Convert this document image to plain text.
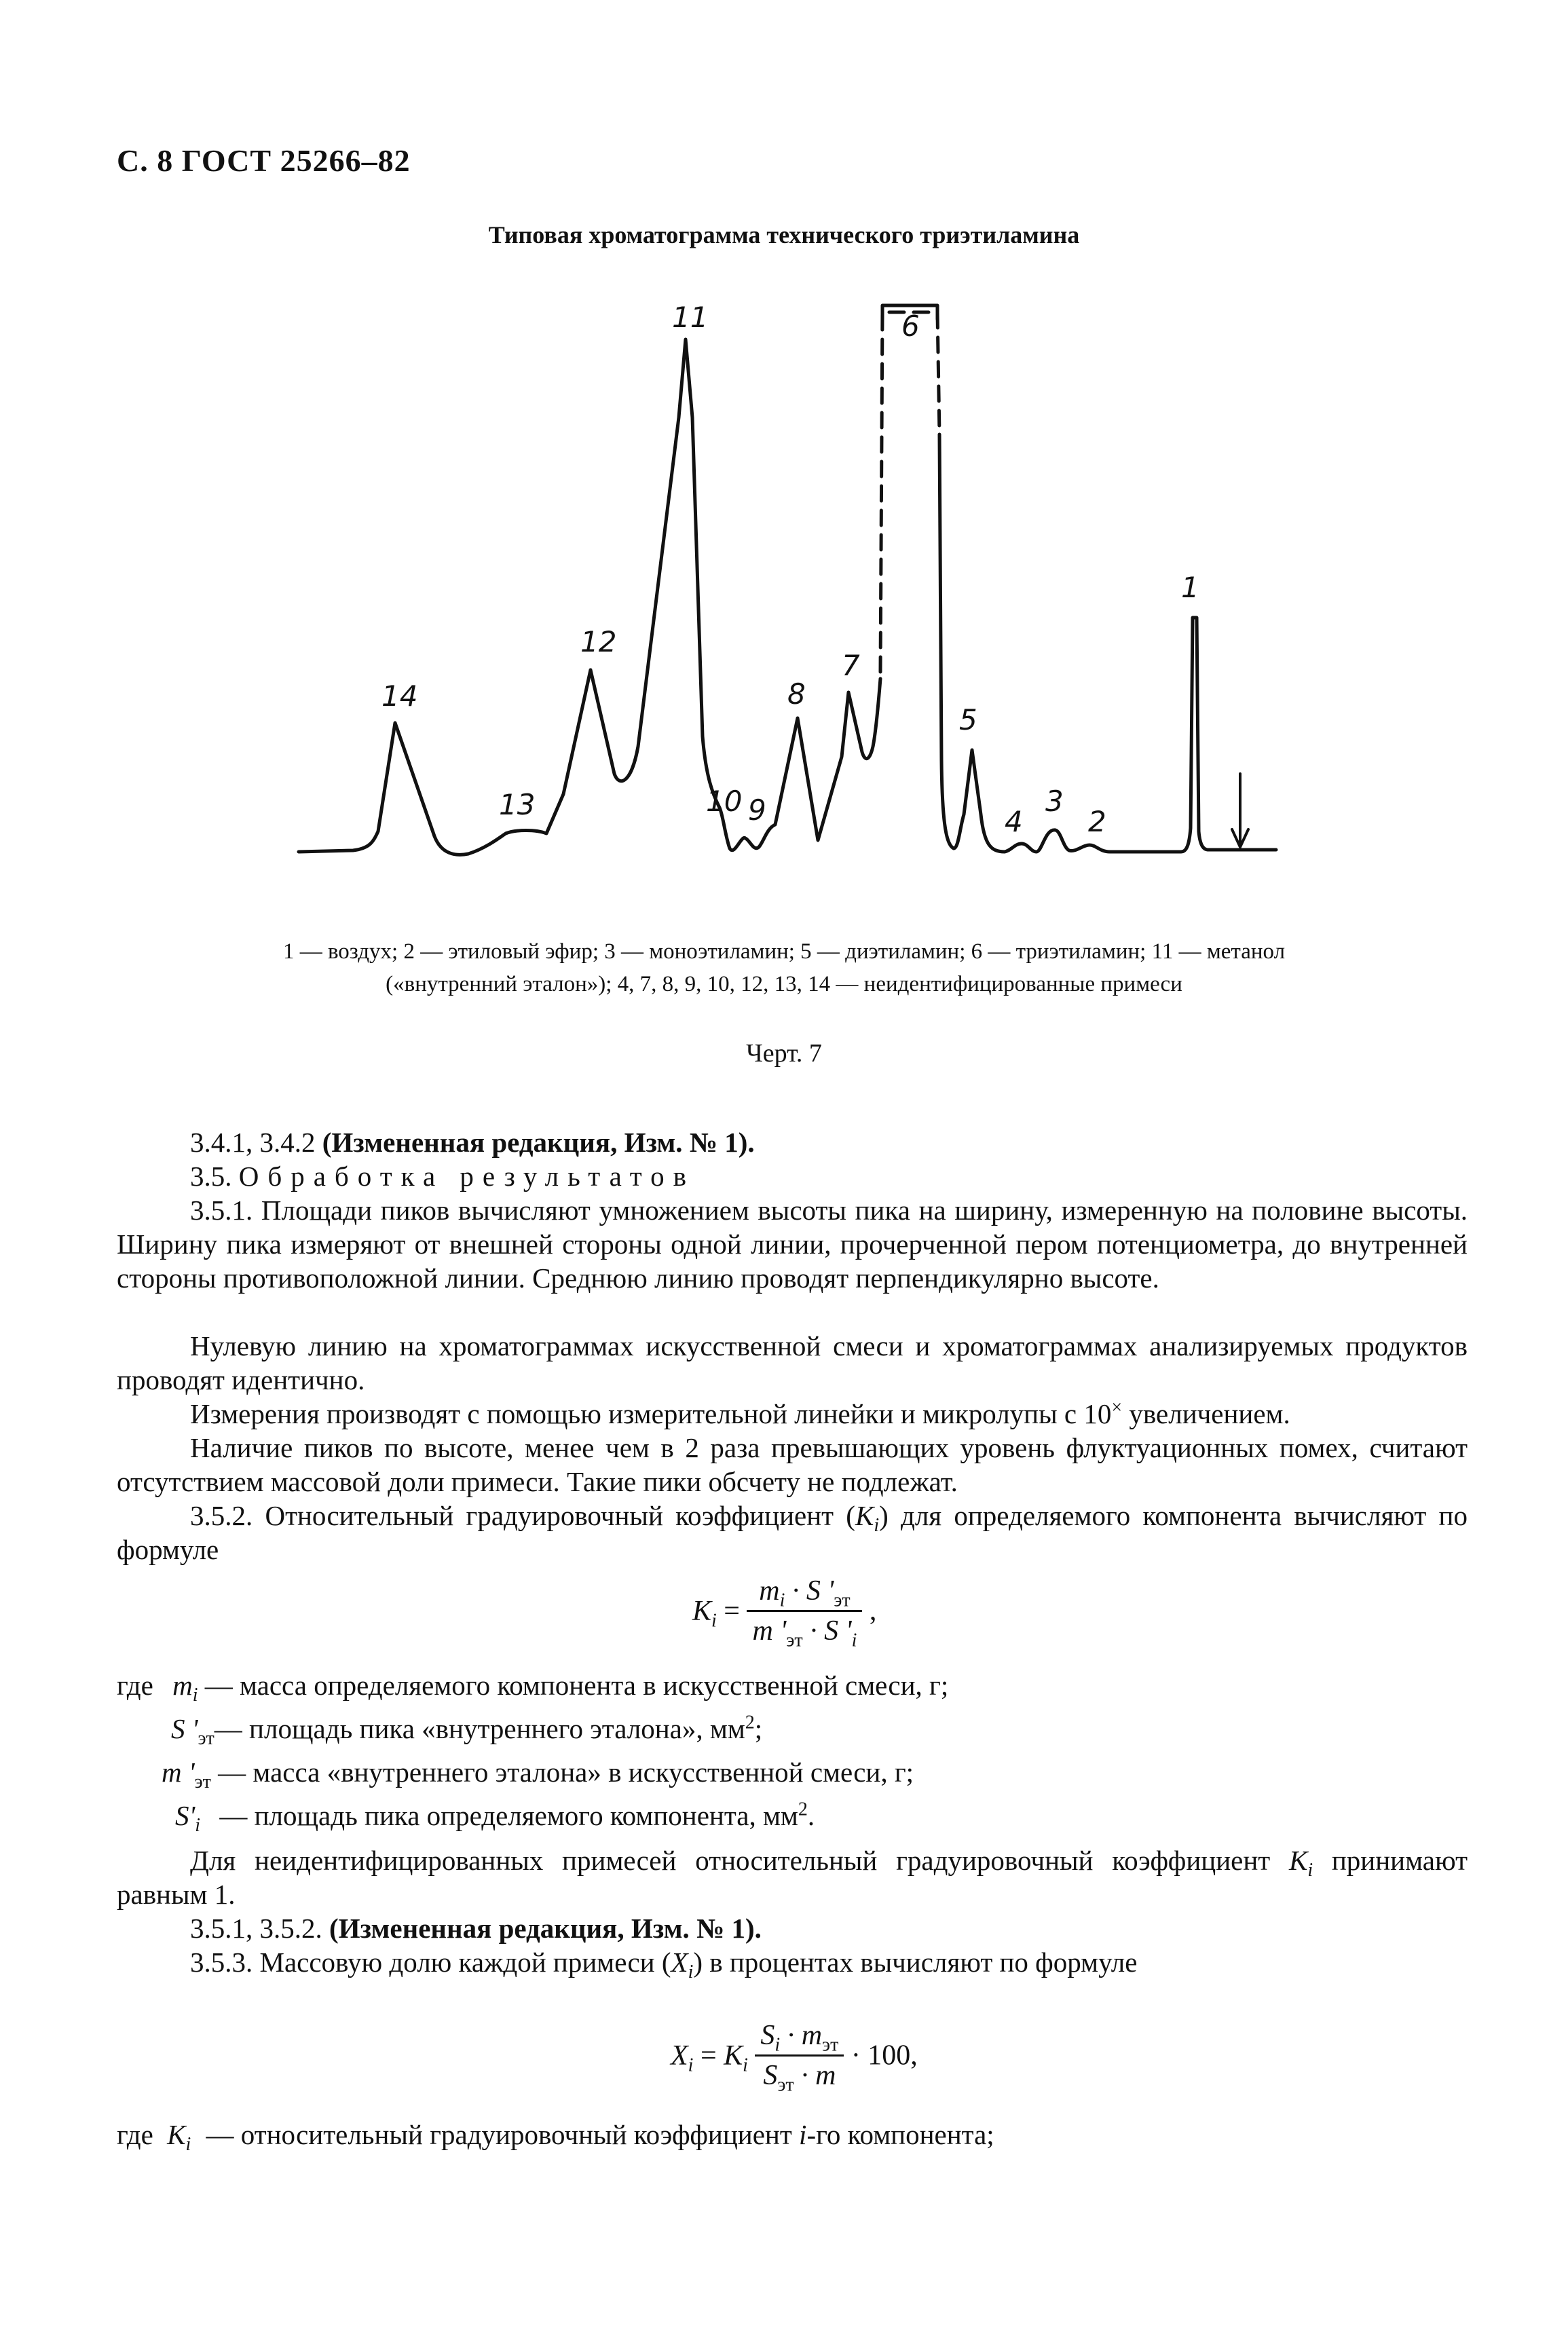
С. 8 ГОСТ 25266–82
Типовая хроматограмма технического триэтиламина
14
13
12
11
10 9
8
7
6
5
4
3
2
1
1 — воздух; 2 — этиловый эфир; 3 — моноэтиламин; 5 — диэтиламин; 6 — триэтиламин; 11 — метанол
(«внутренний эталон»); 4, 7, 8, 9, 10, 12, 13, 14 — неидентифицированные примеси
Черт. 7
3.4.1, 3.4.2 (Измененная редакция, Изм. № 1).
3.5. Обработка результатов
3.5.1. Площади пиков вычисляют умножением высоты пика на ширину, измеренную на половине высоты. Ширину пика измеряют от внешней стороны одной линии, прочерченной пером потенциометра, до внутренней стороны противоположной линии. Среднюю линию проводят перпендикулярно высоте.
Нулевую линию на хроматограммах искусственной смеси и хроматограммах анализируемых продуктов проводят идентично.
Измерения производят с помощью измерительной линейки и микролупы с 10× увеличением.
Наличие пиков по высоте, менее чем в 2 раза превышающих уровень флуктуационных помех, считают отсутствием массовой доли примеси. Такие пики обсчету не подлежат.
3.5.2. Относительный градуировочный коэффициент $(K_i)$ для определяемого компонента вычисляют по формуле
$K_i = \frac{m_i \cdot S '_{эт}}{m '_{эт} \cdot S '_i}$ ,
где $m_i$ — масса определяемого компонента в искусственной смеси, г;
S '$_{эт}—$ площадь пика «внутреннего эталона», $мм^2$;
m '$_{эт}$ — масса «внутреннего эталона» в искусственной смеси, г;
$S'_i$ — площадь пика определяемого компонента, $мм^2$.
Для неидентифицированных примесей относительный градуировочный коэффициент $K_i$ принимают равным 1.
3.5.1, 3.5.2. (Измененная редакция, Изм. № 1).
3.5.3. Массовую долю каждой примеси $(X_i)$ в процентах вычисляют по формуле
$X_i = K_i \frac{S_i \cdot m_{эт}}{S_{эт} \cdot m} \cdot 100$,
где $K_i$ — относительный градуировочный коэффициент i-го компонента;
